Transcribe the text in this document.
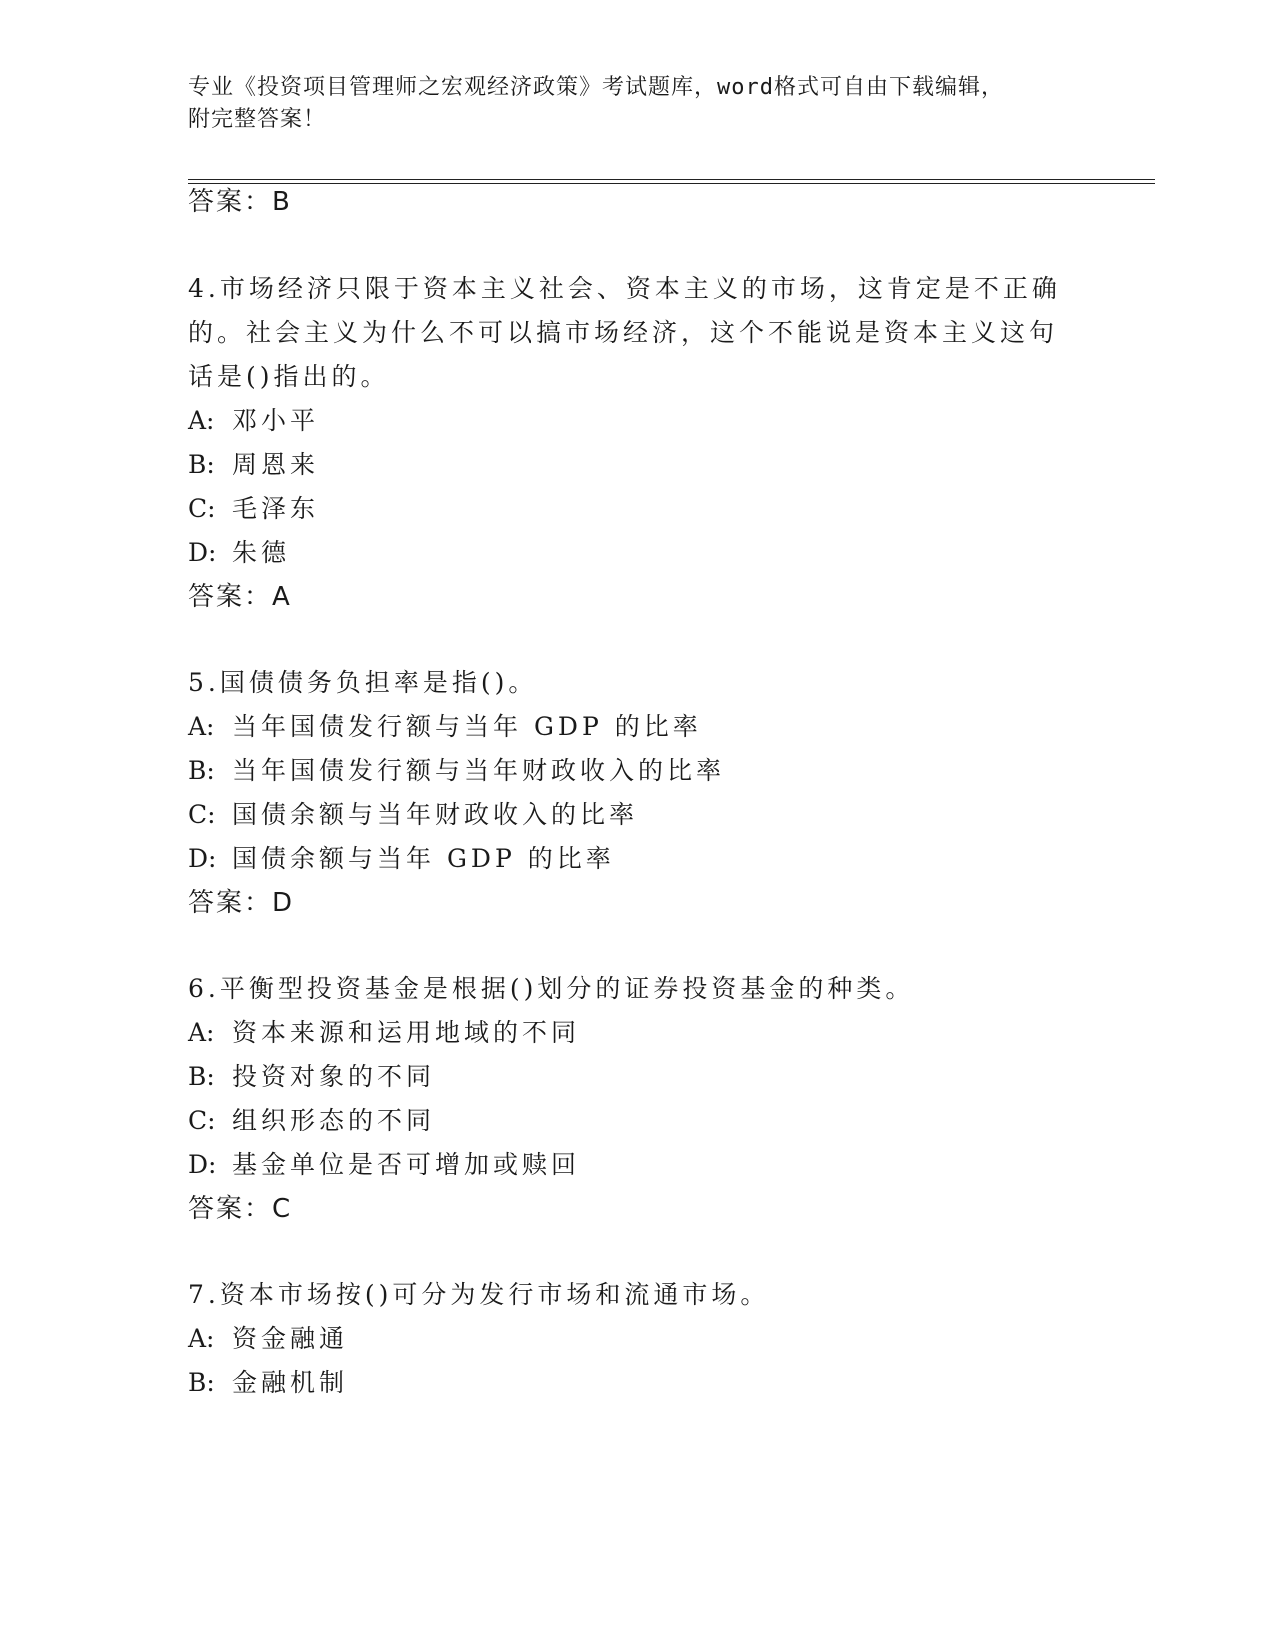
专业《投资项目管理师之宏观经济政策》考试题库，word格式可自由下载编辑，
附完整答案！
答案：B
4.市场经济只限于资本主义社会、资本主义的市场，这肯定是不正确
的。社会主义为什么不可以搞市场经济，这个不能说是资本主义这句
话是()指出的。
A: 邓小平
B: 周恩来
C: 毛泽东
D: 朱德
答案：A
5.国债债务负担率是指()。
A: 当年国债发行额与当年 GDP 的比率
B: 当年国债发行额与当年财政收入的比率
C: 国债余额与当年财政收入的比率
D: 国债余额与当年 GDP 的比率
答案：D
6.平衡型投资基金是根据()划分的证券投资基金的种类。
A: 资本来源和运用地域的不同
B: 投资对象的不同
C: 组织形态的不同
D: 基金单位是否可增加或赎回
答案：C
7.资本市场按()可分为发行市场和流通市场。
A: 资金融通
B: 金融机制
